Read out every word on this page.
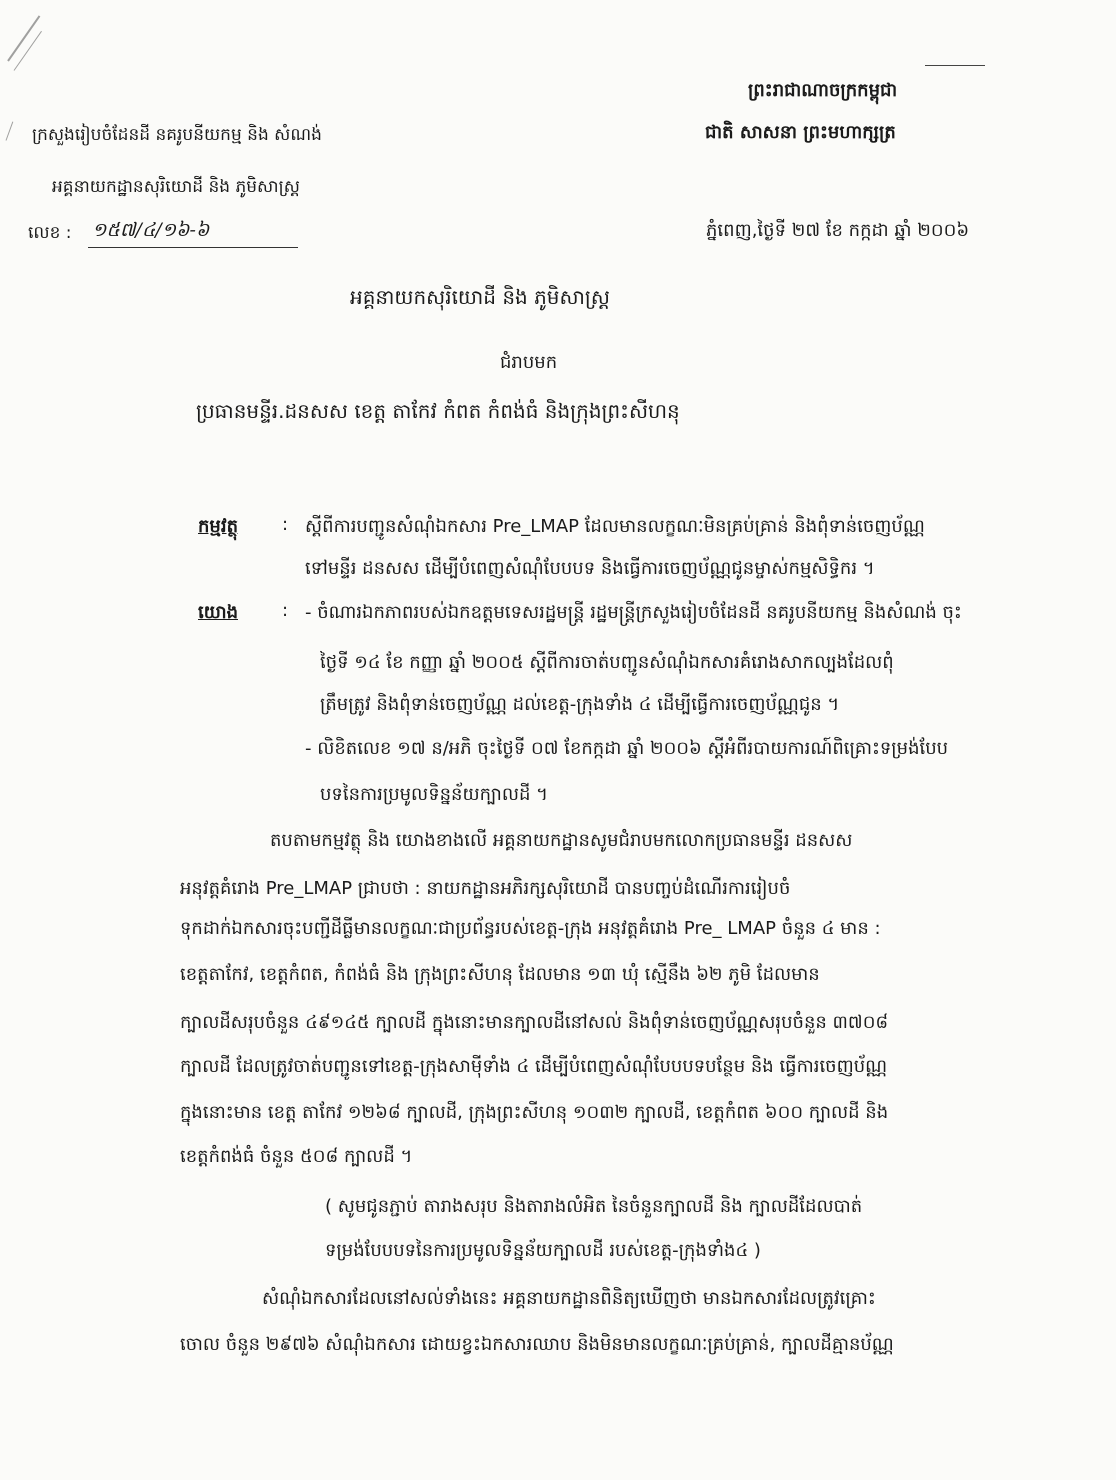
ព្រះរាជាណាចក្រកម្ពុជា
ជាតិ សាសនា ព្រះមហាក្សត្រ
ក្រសួងរៀបចំដែនដី នគរូបនីយកម្ម និង សំណង់
អគ្គនាយកដ្ឋានសុរិយោដី និង ភូមិសាស្ត្រ
លេខ : ១៥៧/៤/១៦-៦	ភ្នំពេញ,ថ្ងៃទី ២៧ ខែ កក្កដា ឆ្នាំ ២០០៦
អគ្គនាយកសុរិយោដី និង ភូមិសាស្ត្រ
ជំរាបមក
ប្រធានមន្ទីរ.ដនសស ខេត្ត តាកែវ កំពត កំពង់ធំ និងក្រុងព្រះសីហនុ
កម្មវត្ថុ : ស្តីពីការបញ្ជូនសំណុំឯកសារ Pre_LMAP ដែលមានលក្ខណៈមិនគ្រប់គ្រាន់ និងពុំទាន់ចេញប័ណ្ណ
ទៅមន្ទីរ ដនសស ដើម្បីបំពេញសំណុំបែបបទ និងធ្វើការចេញប័ណ្ណជូនម្ចាស់កម្មសិទ្ធិករ ។
យោង : - ចំណារឯកភាពរបស់ឯកឧត្តមទេសរដ្ឋមន្ត្រី រដ្ឋមន្ត្រីក្រសួងរៀបចំដែនដី នគរូបនីយកម្ម និងសំណង់ ចុះ
ថ្ងៃទី ១៤ ខែ កញ្ញា ឆ្នាំ ២០០៥ ស្តីពីការចាត់បញ្ជូនសំណុំឯកសារគំរោងសាកល្បងដែលពុំ
ត្រឹមត្រូវ និងពុំទាន់ចេញប័ណ្ណ ដល់ខេត្ត-ក្រុងទាំង ៤ ដើម្បីធ្វើការចេញប័ណ្ណជូន ។
- លិខិតលេខ ១៧ ន/អភិ ចុះថ្ងៃទី ០៧ ខែកក្កដា ឆ្នាំ ២០០៦ ស្តីអំពីរបាយការណ៍ពិគ្រោះទម្រង់បែប
បទនៃការប្រមូលទិន្នន័យក្បាលដី ។
តបតាមកម្មវត្ថុ និង យោងខាងលើ អគ្គនាយកដ្ឋានសូមជំរាបមកលោកប្រធានមន្ទីរ ដនសស
អនុវត្តគំរោង Pre_LMAP ជ្រាបថា : នាយកដ្ឋានអភិរក្សសុរិយោដី បានបញ្ចប់ដំណើរការរៀបចំ
ទុកដាក់ឯកសារចុះបញ្ជីដីធ្លីមានលក្ខណៈជាប្រព័ន្ធរបស់ខេត្ត-ក្រុង អនុវត្តគំរោង Pre_ LMAP ចំនួន ៤ មាន :
ខេត្តតាកែវ, ខេត្តកំពត, កំពង់ធំ និង ក្រុងព្រះសីហនុ ដែលមាន ១៣ ឃុំ ស្មើនឹង ៦២ ភូមិ ដែលមាន
ក្បាលដីសរុបចំនួន ៤៩១៤៥ ក្បាលដី ក្នុងនោះមានក្បាលដីនៅសល់ និងពុំទាន់ចេញប័ណ្ណសរុបចំនួន ៣៧០៨
ក្បាលដី ដែលត្រូវចាត់បញ្ជូនទៅខេត្ត-ក្រុងសាម៉ីទាំង ៤ ដើម្បីបំពេញសំណុំបែបបទបន្ថែម និង ធ្វើការចេញប័ណ្ណ
ក្នុងនោះមាន ខេត្ត តាកែវ ១២៦៨ ក្បាលដី, ក្រុងព្រះសីហនុ ១០៣២ ក្បាលដី, ខេត្តកំពត ៦០០ ក្បាលដី និង
ខេត្តកំពង់ធំ ចំនួន ៥០៨ ក្បាលដី ។
( សូមជូនភ្ជាប់ តារាងសរុប និងតារាងលំអិត នៃចំនួនក្បាលដី និង ក្បាលដីដែលបាត់
ទម្រង់បែបបទនៃការប្រមូលទិន្នន័យក្បាលដី របស់ខេត្ត-ក្រុងទាំង៤ )
សំណុំឯកសារដែលនៅសល់ទាំងនេះ អគ្គនាយកដ្ឋានពិនិត្យឃើញថា មានឯកសារដែលត្រូវគ្រោះ
ចោល ចំនួន ២៩៧៦ សំណុំឯកសារ ដោយខ្វះឯកសារឈាប និងមិនមានលក្ខណៈគ្រប់គ្រាន់, ក្បាលដីគ្មានប័ណ្ណ
